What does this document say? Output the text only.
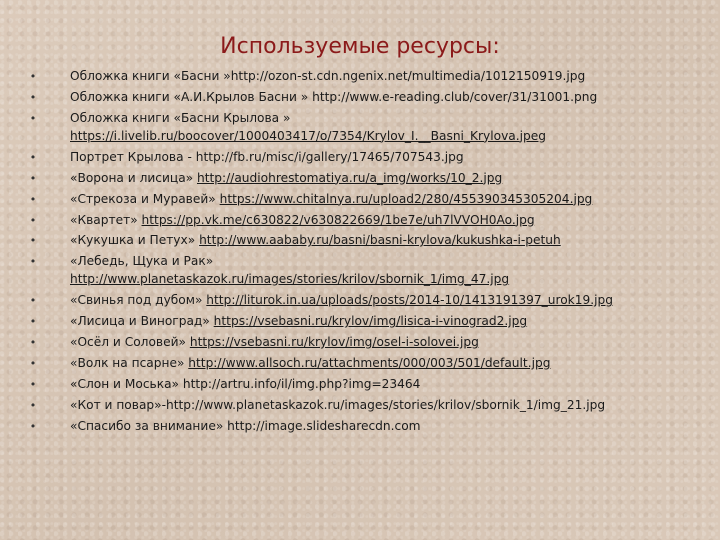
Используемые ресурсы:
•	Обложка книги «Басни »http://ozon-st.cdn.ngenix.net/multimedia/1012150919.jpg
•	Обложка книги «А.И.Крылов Басни » http://www.e-reading.club/cover/31/31001.png
•	Обложка книги «Басни Крылова »
https://i.livelib.ru/boocover/1000403417/o/7354/Krylov_I.__Basni_Krylova.jpeg
•	Портрет Крылова - http://fb.ru/misc/i/gallery/17465/707543.jpg
•	«Ворона и лисица» http://audiohrestomatiya.ru/a_img/works/10_2.jpg
•	«Стрекоза и Муравей» https://www.chitalnya.ru/upload2/280/455390345305204.jpg
•	«Квартет» https://pp.vk.me/c630822/v630822669/1be7e/uh7lVVOH0Ao.jpg
•	«Кукушка и Петух» http://www.aababy.ru/basni/basni-krylova/kukushka-i-petuh
•	«Лебедь, Щука и Рак»
http://www.planetaskazok.ru/images/stories/krilov/sbornik_1/img_47.jpg
•	«Свинья под дубом» http://liturok.in.ua/uploads/posts/2014-10/1413191397_urok19.jpg
•	«Лисица и Виноград» https://vsebasni.ru/krylov/img/lisica-i-vinograd2.jpg
•	«Осёл и Соловей» https://vsebasni.ru/krylov/img/osel-i-solovei.jpg
•	«Волк на псарне» http://www.allsoch.ru/attachments/000/003/501/default.jpg
•	«Слон и Моська» http://artru.info/il/img.php?img=23464
•	«Кот и повар»-http://www.planetaskazok.ru/images/stories/krilov/sbornik_1/img_21.jpg
•	«Спасибо за внимание» http://image.slidesharecdn.com
